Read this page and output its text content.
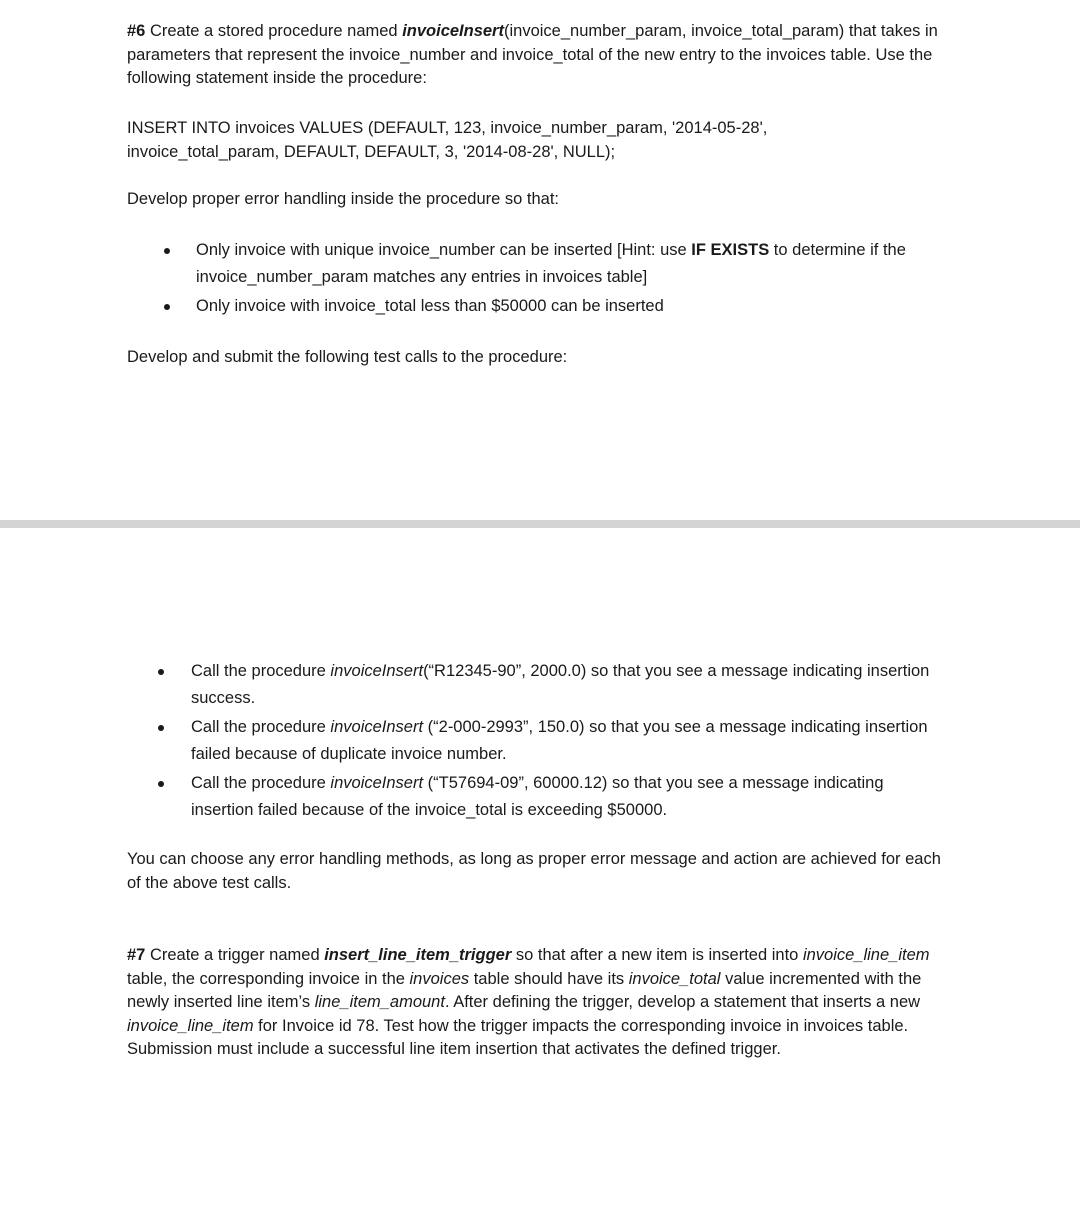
#6 Create a stored procedure named invoiceInsert(invoice_number_param, invoice_total_param) that takes in parameters that represent the invoice_number and invoice_total of the new entry to the invoices table. Use the following statement inside the procedure:

INSERT INTO invoices VALUES (DEFAULT, 123, invoice_number_param, '2014-05-28',
invoice_total_param, DEFAULT, DEFAULT, 3, '2014-08-28', NULL);

Develop proper error handling inside the procedure so that:

Only invoice with unique invoice_number can be inserted [Hint: use IF EXISTS to determine if the invoice_number_param matches any entries in invoices table]
Only invoice with invoice_total less than $50000 can be inserted

Develop and submit the following test calls to the procedure:

Call the procedure invoiceInsert(“R12345-90”, 2000.0) so that you see a message indicating insertion success.
Call the procedure invoiceInsert (“2-000-2993”, 150.0) so that you see a message indicating insertion failed because of duplicate invoice number.
Call the procedure invoiceInsert (“T57694-09”, 60000.12) so that you see a message indicating insertion failed because of the invoice_total is exceeding $50000.

You can choose any error handling methods, as long as proper error message and action are achieved for each of the above test calls.

#7 Create a trigger named insert_line_item_trigger so that after a new item is inserted into invoice_line_item table, the corresponding invoice in the invoices table should have its invoice_total value incremented with the newly inserted line item’s line_item_amount. After defining the trigger, develop a statement that inserts a new invoice_line_item for Invoice id 78. Test how the trigger impacts the corresponding invoice in invoices table. Submission must include a successful line item insertion that activates the defined trigger.
